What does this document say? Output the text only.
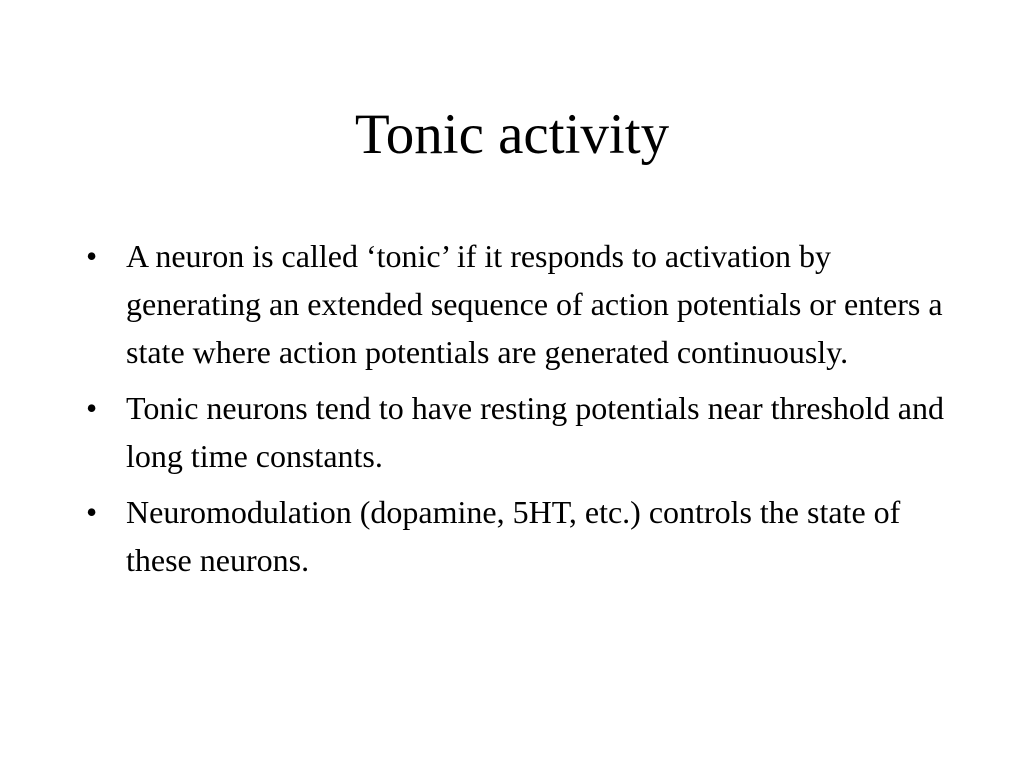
Tonic activity
• A neuron is called ‘tonic’ if it responds to activation by generating an extended sequence of action potentials or enters a state where action potentials are generated continuously.
• Tonic neurons tend to have resting potentials near threshold and long time constants.
• Neuromodulation (dopamine, 5HT, etc.) controls the state of these neurons.
